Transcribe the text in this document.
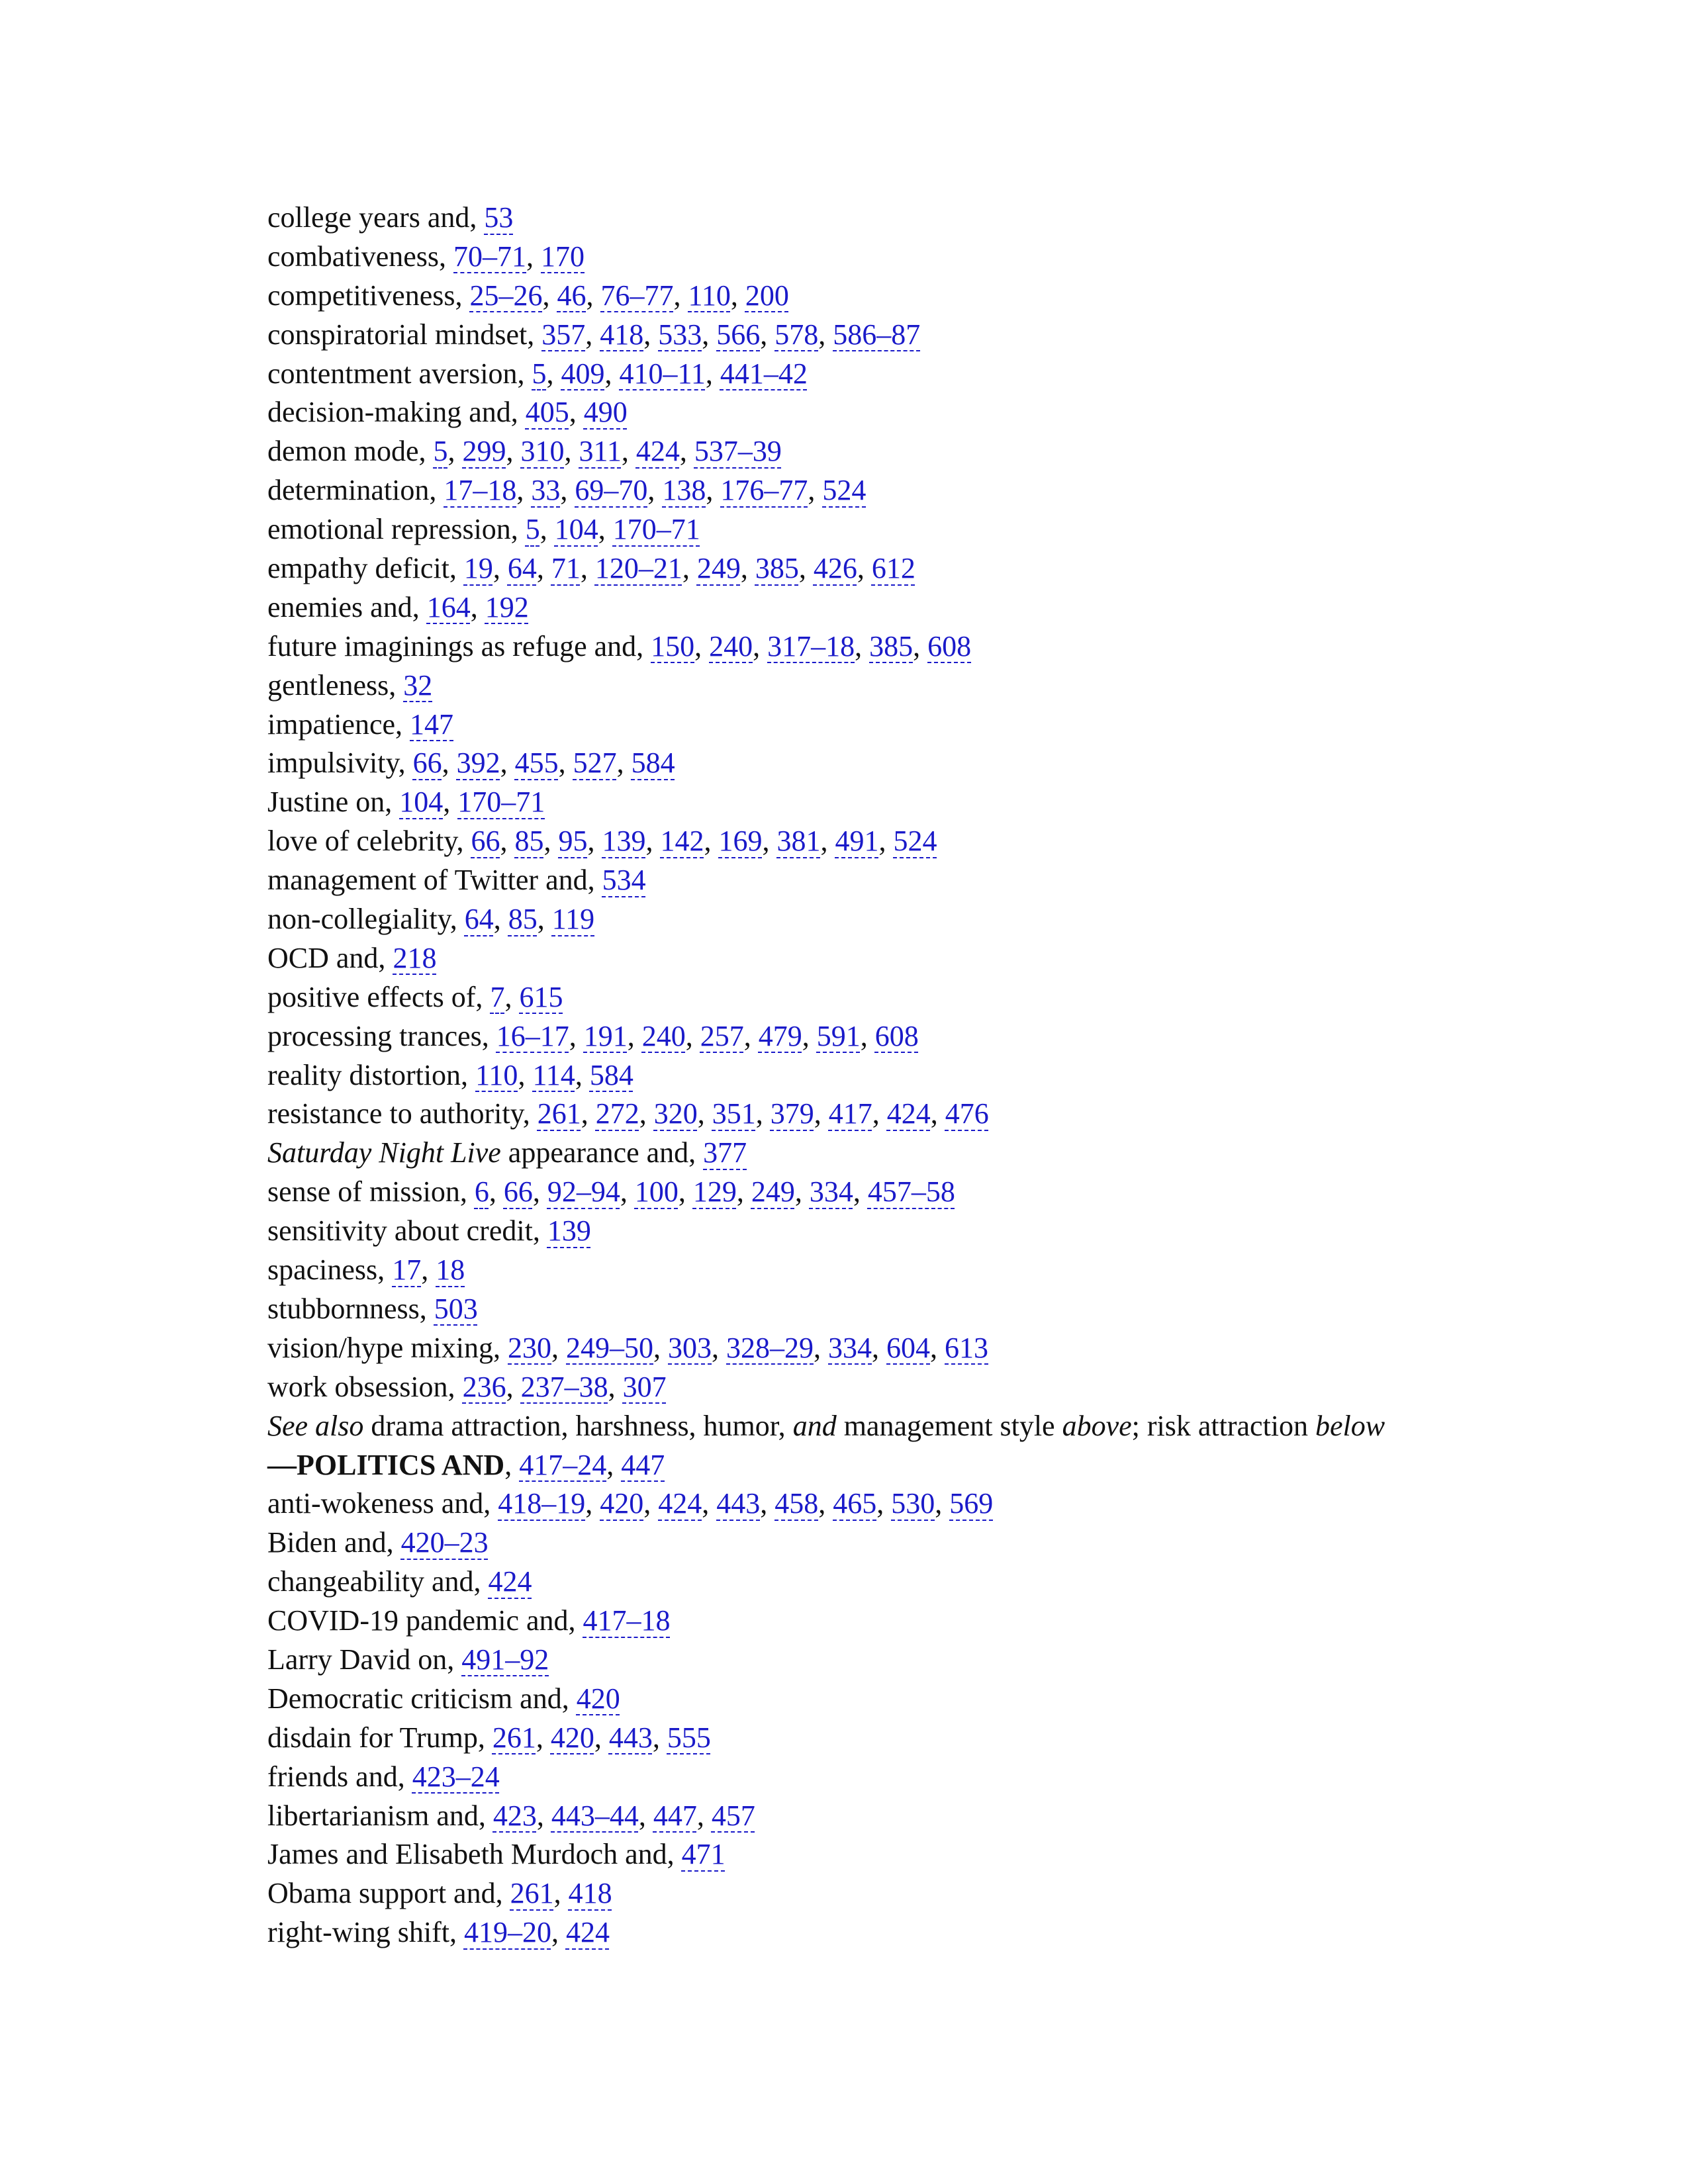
college years and, 53
combativeness, 70–71, 170
competitiveness, 25–26, 46, 76–77, 110, 200
conspiratorial mindset, 357, 418, 533, 566, 578, 586–87
contentment aversion, 5, 409, 410–11, 441–42
decision-making and, 405, 490
demon mode, 5, 299, 310, 311, 424, 537–39
determination, 17–18, 33, 69–70, 138, 176–77, 524
emotional repression, 5, 104, 170–71
empathy deficit, 19, 64, 71, 120–21, 249, 385, 426, 612
enemies and, 164, 192
future imaginings as refuge and, 150, 240, 317–18, 385, 608
gentleness, 32
impatience, 147
impulsivity, 66, 392, 455, 527, 584
Justine on, 104, 170–71
love of celebrity, 66, 85, 95, 139, 142, 169, 381, 491, 524
management of Twitter and, 534
non-collegiality, 64, 85, 119
OCD and, 218
positive effects of, 7, 615
processing trances, 16–17, 191, 240, 257, 479, 591, 608
reality distortion, 110, 114, 584
resistance to authority, 261, 272, 320, 351, 379, 417, 424, 476
Saturday Night Live appearance and, 377
sense of mission, 6, 66, 92–94, 100, 129, 249, 334, 457–58
sensitivity about credit, 139
spaciness, 17, 18
stubbornness, 503
vision/hype mixing, 230, 249–50, 303, 328–29, 334, 604, 613
work obsession, 236, 237–38, 307
See also drama attraction, harshness, humor, and management style above; risk attraction below
—POLITICS AND, 417–24, 447
anti-wokeness and, 418–19, 420, 424, 443, 458, 465, 530, 569
Biden and, 420–23
changeability and, 424
COVID-19 pandemic and, 417–18
Larry David on, 491–92
Democratic criticism and, 420
disdain for Trump, 261, 420, 443, 555
friends and, 423–24
libertarianism and, 423, 443–44, 447, 457
James and Elisabeth Murdoch and, 471
Obama support and, 261, 418
right-wing shift, 419–20, 424
